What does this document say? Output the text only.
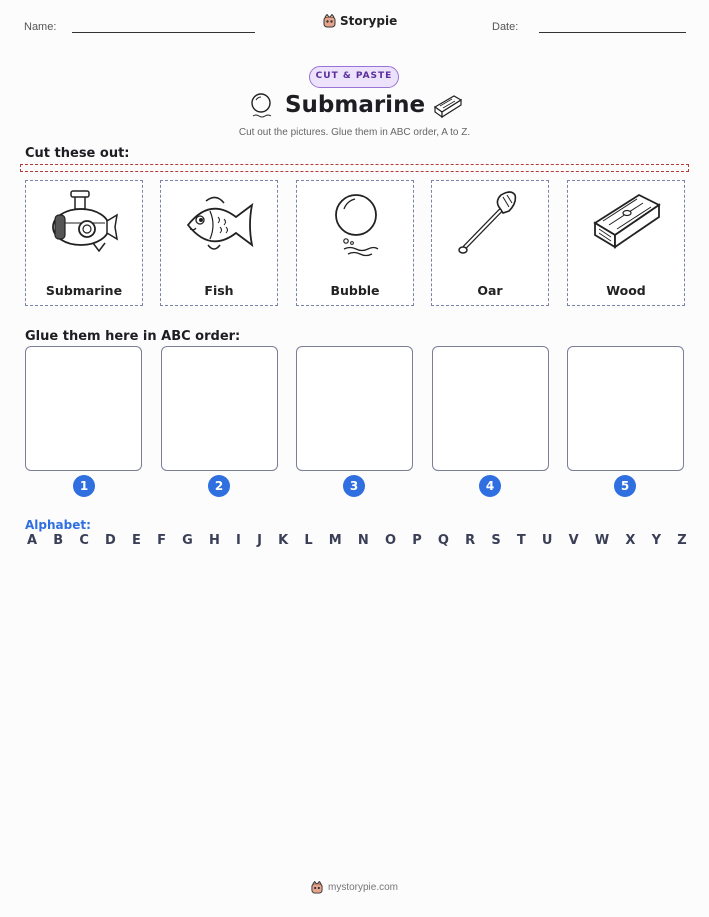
Name:	Storypie	Date:
CUT & PASTE
Submarine
Cut out the pictures. Glue them in ABC order, A to Z.
Cut these out:
Submarine	Fish	Bubble	Oar	Wood
Glue them here in ABC order:
1	2	3	4	5
Alphabet:
A B C D E F G H I J K L M N O P Q R S T U V W X Y Z
mystorypie.com
